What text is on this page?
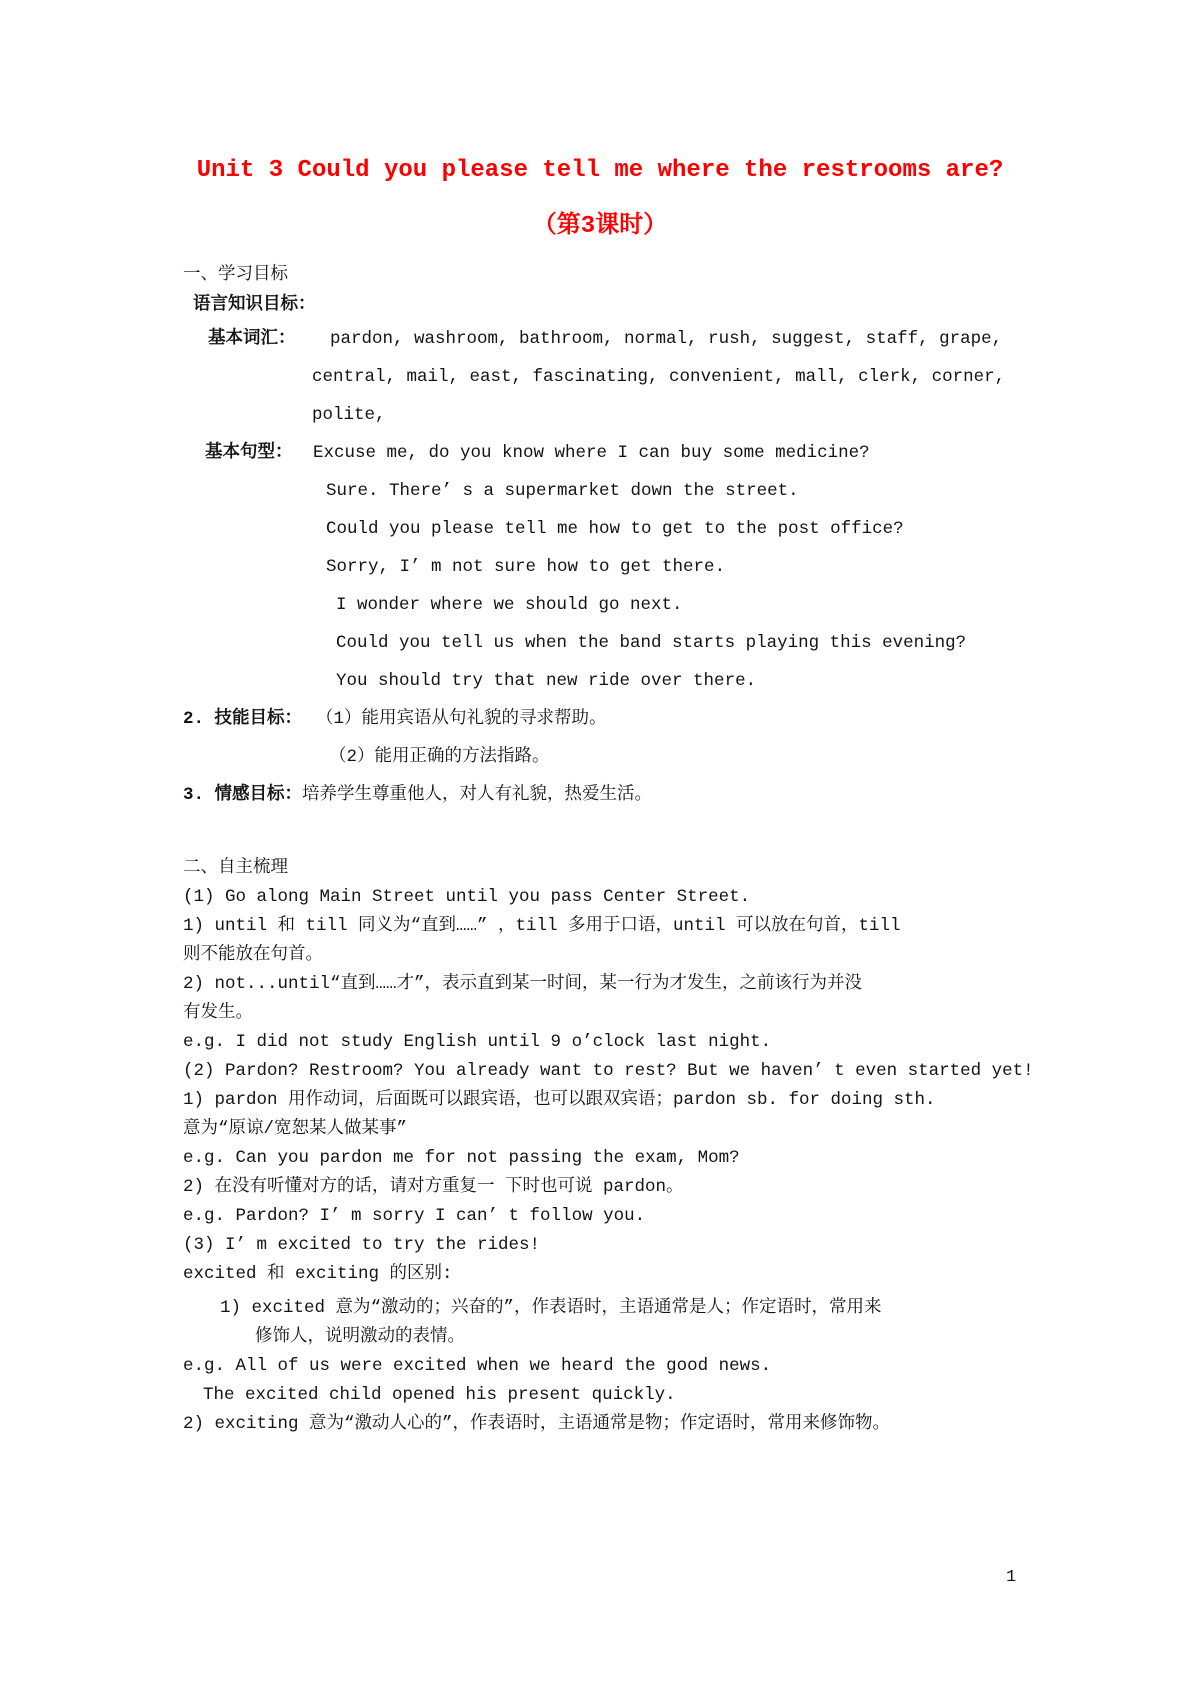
Unit 3 Could you please tell me where the restrooms are?

（第3课时）

一、学习目标

语言知识目标：

基本词汇： pardon, washroom, bathroom, normal, rush, suggest, staff, grape,

central, mail, east, fascinating, convenient, mall, clerk, corner,

polite,

基本句型： Excuse me, do you know where I can buy some medicine?

Sure. There’ s a supermarket down the street.

Could you please tell me how to get to the post office?

Sorry, I’ m not sure how to get there.

I wonder where we should go next.

Could you tell us when the band starts playing this evening?

You should try that new ride over there.

2. 技能目标： （1）能用宾语从句礼貌的寻求帮助。

（2）能用正确的方法指路。

3. 情感目标：培养学生尊重他人，对人有礼貌，热爱生活。

二、自主梳理

(1) Go along Main Street until you pass Center Street.

1) until 和 till 同义为“直到……” ，till 多用于口语，until 可以放在句首，till

则不能放在句首。

2) not...until“直到……才”，表示直到某一时间，某一行为才发生，之前该行为并没

有发生。

e.g. I did not study English until 9 o’clock last night.

(2) Pardon? Restroom? You already want to rest? But we haven’ t even started yet!

1) pardon 用作动词，后面既可以跟宾语，也可以跟双宾语；pardon sb. for doing sth.

意为“原谅/宽恕某人做某事”

e.g. Can you pardon me for not passing the exam, Mom?

2) 在没有听懂对方的话，请对方重复一 下时也可说 pardon。

e.g. Pardon? I’ m sorry I can’ t follow you.

(3) I’ m excited to try the rides!

excited 和 exciting 的区别:

1) excited 意为“激动的；兴奋的”，作表语时，主语通常是人；作定语时，常用来

修饰人，说明激动的表情。

e.g. All of us were excited when we heard the good news.

The excited child opened his present quickly.

2) exciting 意为“激动人心的”，作表语时，主语通常是物；作定语时，常用来修饰物。

1
